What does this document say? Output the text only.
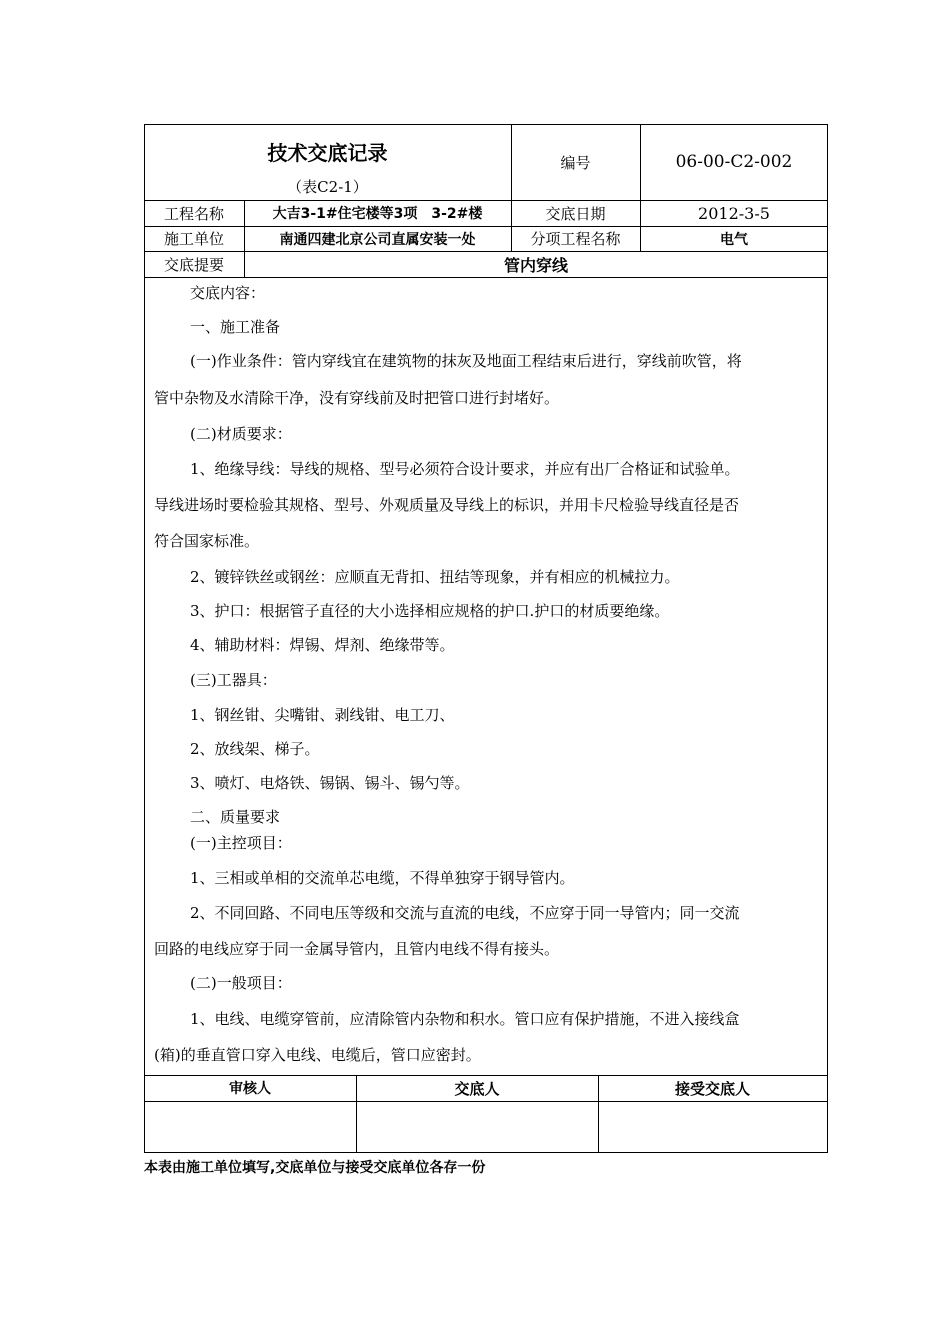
技术交底记录
（表C2-1）
编号	06-00-C2-002
工程名称	大吉3-1#住宅楼等3项　3-2#楼	交底日期	2012-3-5
施工单位	南通四建北京公司直属安装一处	分项工程名称	电气
交底提要	管内穿线
交底内容：
一、施工准备
(一)作业条件：管内穿线宜在建筑物的抹灰及地面工程结束后进行，穿线前吹管，将
管中杂物及水清除干净，没有穿线前及时把管口进行封堵好。
(二)材质要求：
1、绝缘导线：导线的规格、型号必须符合设计要求，并应有出厂合格证和试验单。
导线进场时要检验其规格、型号、外观质量及导线上的标识，并用卡尺检验导线直径是否
符合国家标准。
2、镀锌铁丝或钢丝：应顺直无背扣、扭结等现象，并有相应的机械拉力。
3、护口：根据管子直径的大小选择相应规格的护口.护口的材质要绝缘。
4、辅助材料：焊锡、焊剂、绝缘带等。
(三)工器具：
1、钢丝钳、尖嘴钳、剥线钳、电工刀、
2、放线架、梯子。
3、喷灯、电烙铁、锡锅、锡斗、锡勺等。
二、质量要求
(一)主控项目：
1、三相或单相的交流单芯电缆，不得单独穿于钢导管内。
2、不同回路、不同电压等级和交流与直流的电线，不应穿于同一导管内；同一交流
回路的电线应穿于同一金属导管内，且管内电线不得有接头。
(二)一般项目：
1、电线、电缆穿管前，应清除管内杂物和积水。管口应有保护措施，不进入接线盒
(箱)的垂直管口穿入电线、电缆后，管口应密封。
审核人	交底人	接受交底人
本表由施工单位填写,交底单位与接受交底单位各存一份
